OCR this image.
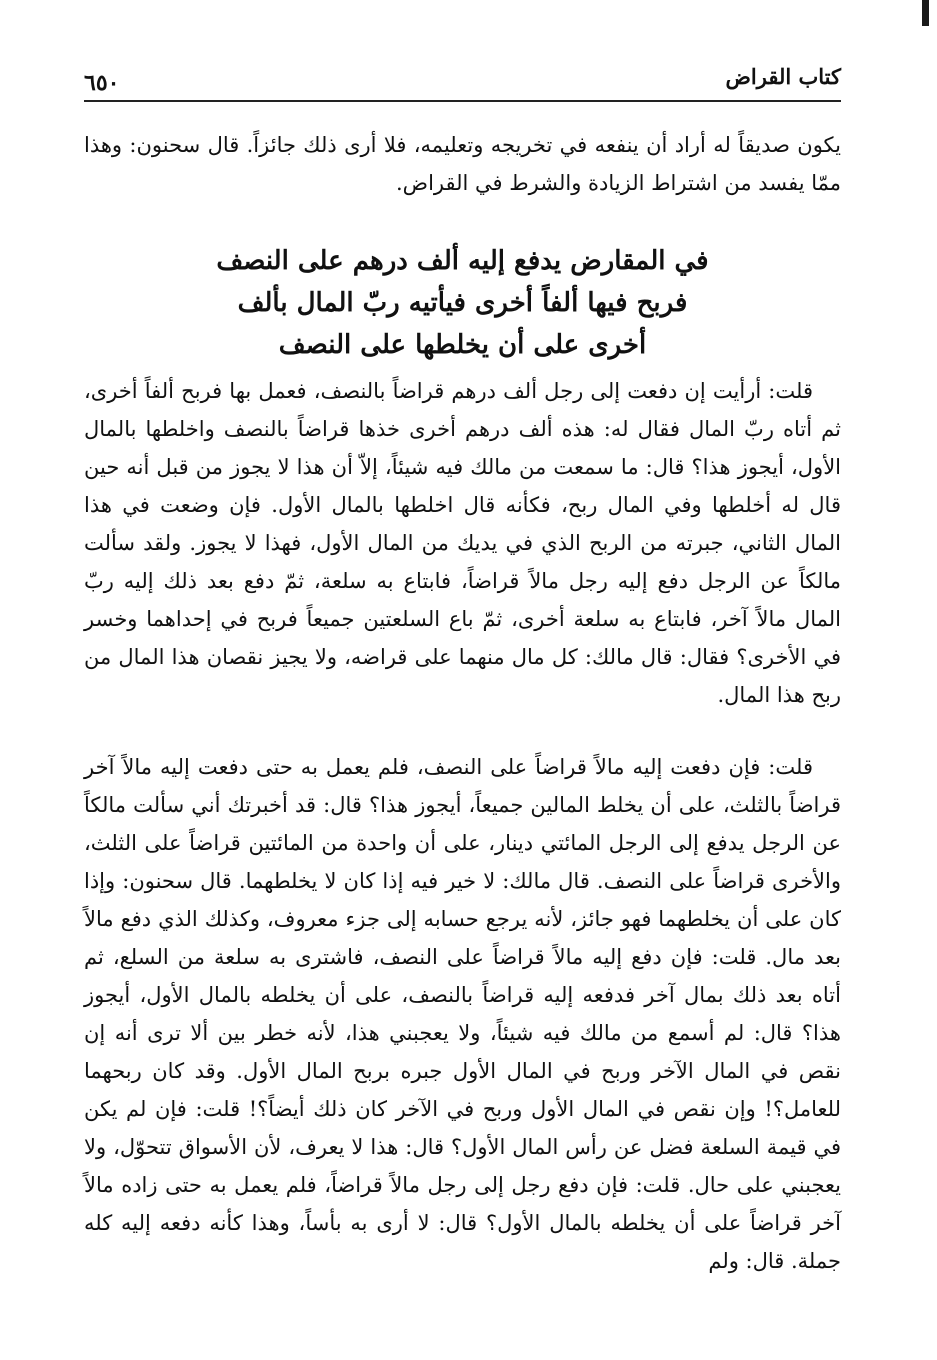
كتاب القراض
٦٥٠

يكون صديقاً له أراد أن ينفعه في تخريجه وتعليمه، فلا أرى ذلك جائزاً. قال سحنون: وهذا ممّا يفسد من اشتراط الزيادة والشرط في القراض.

في المقارض يدفع إليه ألف درهم على النصف
فربح فيها ألفاً أخرى فيأتيه ربّ المال بألف
أخرى على أن يخلطها على النصف

قلت: أرأيت إن دفعت إلى رجل ألف درهم قراضاً بالنصف، فعمل بها فربح ألفاً أخرى، ثم أتاه ربّ المال فقال له: هذه ألف درهم أخرى خذها قراضاً بالنصف واخلطها بالمال الأول، أيجوز هذا؟ قال: ما سمعت من مالك فيه شيئاً، إلاّ أن هذا لا يجوز من قبل أنه حين قال له أخلطها وفي المال ربح، فكأنه قال اخلطها بالمال الأول. فإن وضعت في هذا المال الثاني، جبرته من الربح الذي في يديك من المال الأول، فهذا لا يجوز. ولقد سألت مالكاً عن الرجل دفع إليه رجل مالاً قراضاً، فابتاع به سلعة، ثمّ دفع بعد ذلك إليه ربّ المال مالاً آخر، فابتاع به سلعة أخرى، ثمّ باع السلعتين جميعاً فربح في إحداهما وخسر في الأخرى؟ فقال: قال مالك: كل مال منهما على قراضه، ولا يجيز نقصان هذا المال من ربح هذا المال.

قلت: فإن دفعت إليه مالاً قراضاً على النصف، فلم يعمل به حتى دفعت إليه مالاً آخر قراضاً بالثلث، على أن يخلط المالين جميعاً، أيجوز هذا؟ قال: قد أخبرتك أني سألت مالكاً عن الرجل يدفع إلى الرجل المائتي دينار، على أن واحدة من المائتين قراضاً على الثلث، والأخرى قراضاً على النصف. قال مالك: لا خير فيه إذا كان لا يخلطهما. قال سحنون: وإذا كان على أن يخلطهما فهو جائز، لأنه يرجع حسابه إلى جزء معروف، وكذلك الذي دفع مالاً بعد مال. قلت: فإن دفع إليه مالاً قراضاً على النصف، فاشترى به سلعة من السلع، ثم أتاه بعد ذلك بمال آخر فدفعه إليه قراضاً بالنصف، على أن يخلطه بالمال الأول، أيجوز هذا؟ قال: لم أسمع من مالك فيه شيئاً، ولا يعجبني هذا، لأنه خطر بين ألا ترى أنه إن نقص في المال الآخر وربح في المال الأول جبره بربح المال الأول. وقد كان ربحهما للعامل؟! وإن نقص في المال الأول وربح في الآخر كان ذلك أيضاً؟! قلت: فإن لم يكن في قيمة السلعة فضل عن رأس المال الأول؟ قال: هذا لا يعرف، لأن الأسواق تتحوّل، ولا يعجبني على حال. قلت: فإن دفع رجل إلى رجل مالاً قراضاً، فلم يعمل به حتى زاده مالاً آخر قراضاً على أن يخلطه بالمال الأول؟ قال: لا أرى به بأساً، وهذا كأنه دفعه إليه كله جملة. قال: ولم
